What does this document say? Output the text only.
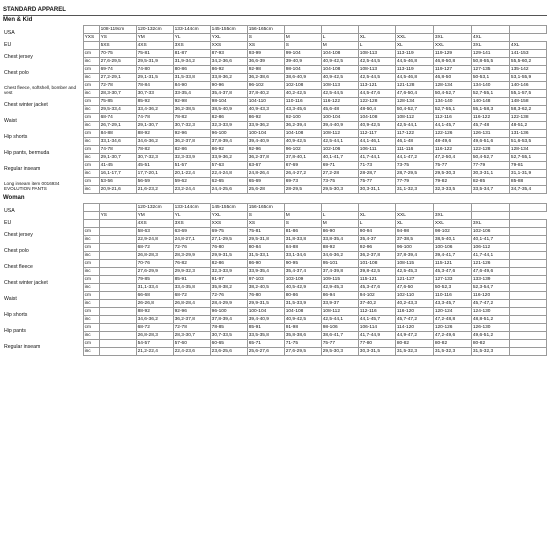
STANDARD APPAREL
Men & Kid
USA		108-119cm	120-132cm	133-144cm	145-155cm	156-165cm							
	YXS	YS	YM	YL	YXL	S	M	L	XL	XXL	3XL	4XL	
EU		5XS	4XS	3XS	XXS	XS	S	M	L	XL	XXL	3XL	4XL
Chest jersey	cm	70-75	75-81	81-87	87-93	93-99	99-104	104-108	108-113	113-119	119-129	129-141	141-153
	inc	27,6-29,5	29,5-31,9	31,9-34,2	34,2-36,6	36,6-39	39-40,9	40,9-42,5	42,5-44,5	44,5-46,8	46,8-50,8	50,8-55,5	55,5-60,2
Chest polo	cm	69-74	74-80	80-86	86-92	92-98	98-104	104-108	108-113	113-119	119-127	127-135	135-142
	inc	27,2-29,1	29,1-31,5	31,5-33,8	33,8-36,2	36,2-38,6	38,6-40,9	40,9-42,5	42,5-44,5	44,5-46,8	46,8-50	50-53,1	53,1-55,9
Chest fleece, softshell, bomber and vest	cm	72-78	78-84	84-90	90-96	96-102	102-108	108-113	113-121	121-128	128-134	134-140	140-146
	inc	28,3-30,7	30,7-33	33-35,4	35,4-37,8	37,8-40,2	40,2-42,5	42,5-44,5	44,5-47,6	47,6-50,4	50,4-52,7	52,7-55,1	55,1-57,5
Chest winter jacket	cm	75-85	85-92	92-98	98-104	104-110	110-116	116-122	122-128	128-134	134-140	140-148	148-158
	inc	29,5-33,4	33,4-36,2	36,2-38,5	38,5-40,9	40,9-43,3	43,3-45,6	45,6-48	48-50,4	50,4-52,7	52,7-55,1	55,1-58,3	58,3-62,2
Waist	cm	68-74	74-78	78-82	82-86	86-92	92-100	100-104	104-108	108-112	112-116	116-122	122-138
	inc	26,7-29,1	29,1-30,7	30,7-32,3	32,3-33,9	33,9-36,2	36,2-39,4	39,4-40,9	40,9-42,5	42,5-44,1	44,1-45,7	45,7-48	48-51,2
Hip shorts	cm	84-88	88-92	92-96	96-100	100-104	104-108	108-112	112-117	117-122	122-126	126-131	131-136
	inc	33,1-34,6	34,6-36,2	36,2-37,8	37,8-39,4	39,4-40,9	40,9-42,5	42,5-44,1	44,1-46,1	46,1-48	48-49,6	49,6-51,6	51,6-53,5
Hip pants, bermuda	cm	74-78	78-82	82-86	86-92	92-96	96-102	102-106	106-111	111-116	116-122	122-128	128-134
	inc	29,1-30,7	30,7-32,3	32,3-33,9	33,9-36,2	36,2-37,8	37,8-40,1	40,1-41,7	41,7-44,1	44,1-47,2	47,2-50,4	50,4-52,7	52,7-55,1
Regular inseam	cm	41-45	45-51	51-57	57-63	63-67	67-69	69-71	71-73	73-75	75-77	77-79	79-81
	inc	16,1-17,7	17,7-20,1	20,1-22,4	22,4-24,8	24,8-26,4	26,4-27,2	27,2-28	28-28,7	28,7-29,5	29,5-30,3	30,3-31,1	31,1-31,9
Long inseam item 0016934 EVOLUTION PANTS	cm	53-56	56-59	59-62	62-65	65-69	69-73	73-75	75-77	77-79	79-82	82-85	85-88
	inc	20,9-21,6	21,6-23,2	23,2-24,4	24,4-25,6	25,6-28	28-29,5	29,5-30,3	30,3-31,1	31,1-32,3	32,3-33,5	33,5-34,7	34,7-35,4
Woman
USA			120-132cm	133-144cm	145-155cm	156-165cm							
		YS	YM	YL	YXL	S	M	L	XL	XXL	3XL		
EU			4XS	3XS	XXS	XS	S	M	L	XL	XXL	3XL	
Chest jersey	cm		58-63	63-69	69-75	75-81	81-86	86-90	90-94	94-98	98-102	102-106	
	inc		22,9-24,8	24,8-27,1	27,1-29,5	29,5-31,8	31,8-33,8	33,8-35,4	35,4-37	37-38,5	38,5-40,1	40,1-41,7	
Chest polo	cm		68-72	72-76	76-80	80-84	84-88	88-92	92-96	96-100	100-106	106-112	
	inc		26,8-28,3	28,3-29,9	29,9-31,5	31,5-33,1	33,1-34,6	34,6-36,2	36,2-37,8	37,8-39,4	39,4-41,7	41,7-44,1	
Chest fleece	cm		70-76	76-82	82-86	86-90	90-95	95-101	101-108	108-115	115-121	121-126	
	inc		27,6-29,9	29,9-32,3	32,3-33,9	33,9-35,4	35,4-37,4	37,4-39,8	39,8-42,5	42,5-45,3	45,3-47,6	47,6-49,6	
Chest winter jacket	cm		79-85	85-91	91-97	97-103	103-109	109-115	115-121	121-127	127-133	133-139	
	inc		31,1-33,4	33,4-35,8	35,8-38,2	38,2-40,5	40,5-42,9	42,9-45,3	45,3-47,6	47,6-50	50-52,3	52,3-54,7	
Waist	cm		66-68	68-72	72-76	76-80	80-86	86-94	94-102	102-110	110-116	116-120	
	inc		26-26,8	26,8-28,4	28,4-29,9	29,9-31,5	31,5-33,9	33,9-37	37-40,2	40,2-43,3	43,3-45,7	45,7-47,2	
Hip shorts	cm		88-92	92-96	96-100	100-104	104-108	108-112	112-116	116-120	120-124	124-130	
	inc		34,6-36,2	36,2-37,8	37,8-39,4	39,4-40,9	40,9-42,5	42,5-44,1	44,1-45,7	45,7-47,2	47,2-48,8	48,8-51,2	
Hip pants	cm		68-72	72-78	78-85	85-91	91-98	98-106	106-114	114-120	120-126	126-130	
	inc		26,8-28,3	28,3-30,7	30,7-33,5	33,5-35,8	35,8-38,6	38,6-41,7	41,7-44,9	44,9-47,2	47,2-49,6	49,6-51,2	
Regular inseam	cm		54-57	57-60	60-65	65-71	71-75	75-77	77-80	80-82	80-82	80-82	
	inc		21,2-22,4	22,4-23,6	23,6-25,6	25,6-27,6	27,6-29,5	29,5-30,3	30,3-31,5	31,5-32,3	31,5-32,3	31,5-32,3	
